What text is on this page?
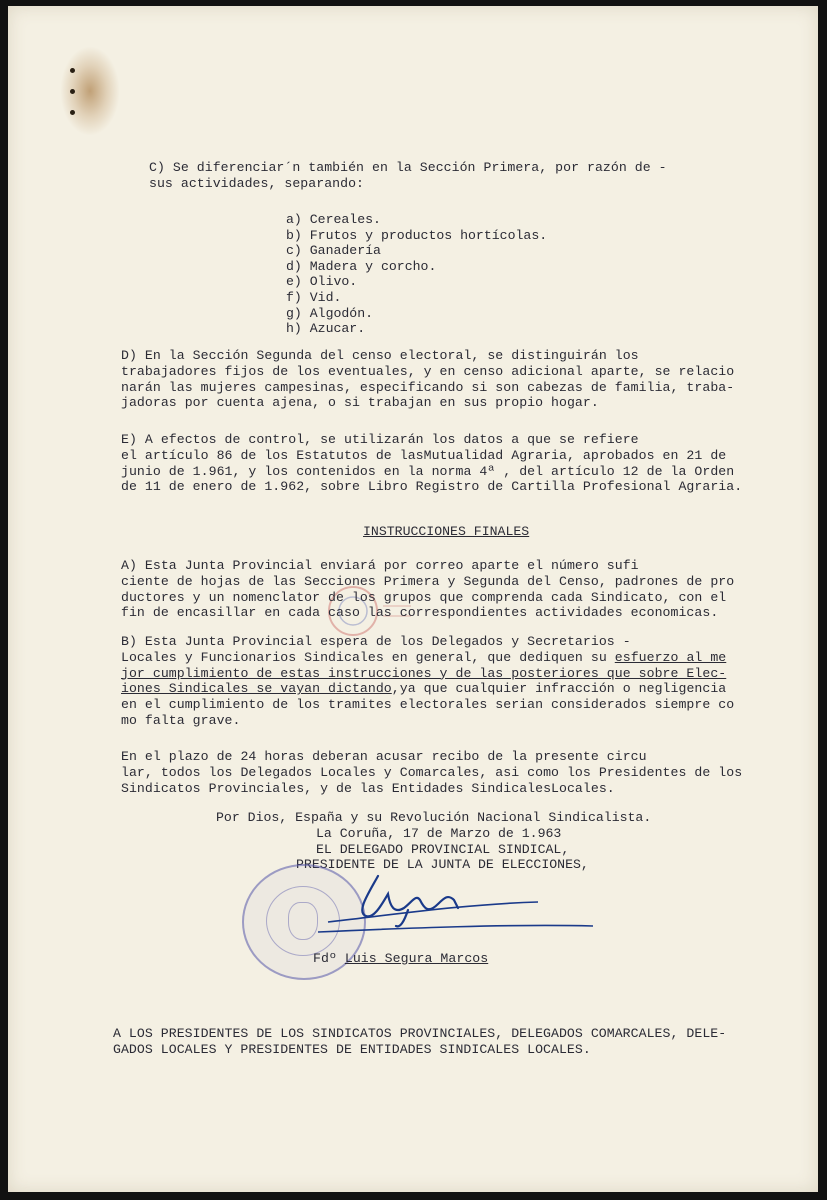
C) Se diferenciar´n también en la Sección Primera, por razón de -
sus actividades, separando:
a) Cereales.
b) Frutos y productos hortícolas.
c) Ganadería
d) Madera y corcho.
e) Olivo.
f) Vid.
g) Algodón.
h) Azucar.
D) En la Sección Segunda del censo electoral, se distinguirán los
trabajadores fijos de los eventuales, y en censo adicional aparte, se relacio
narán las mujeres campesinas, especificando si son cabezas de familia, traba-
jadoras por cuenta ajena, o si trabajan en sus propio hogar.
E) A efectos de control, se utilizarán los datos a que se refiere
el artículo 86 de los Estatutos de lasMutualidad Agraria, aprobados en 21 de
junio de 1.961, y los contenidos en la norma 4ª , del artículo 12 de la Orden
de 11 de enero de 1.962, sobre Libro Registro de Cartilla Profesional Agraria.
INSTRUCCIONES FINALES
A) Esta Junta Provincial enviará por correo aparte el número sufi
ciente de hojas de las Secciones Primera y Segunda del Censo, padrones de pro
ductores y un nomenclator de los grupos que comprenda cada Sindicato, con el
fin de encasillar en cada caso las correspondientes actividades economicas.
B) Esta Junta Provincial espera de los Delegados y Secretarios -
Locales y Funcionarios Sindicales en general, que dediquen su esfuerzo al me
jor cumplimiento de estas instrucciones y de las posteriores que sobre Elec-
iones Sindicales se vayan dictando,ya que cualquier infracción o negligencia
en el cumplimiento de los tramites electorales serian considerados siempre co
mo falta grave.
En el plazo de 24 horas deberan acusar recibo de la presente circu
lar, todos los Delegados Locales y Comarcales, asi como los Presidentes de los
Sindicatos Provinciales, y de las Entidades SindicalesLocales.
Por Dios, España y su Revolución Nacional Sindicalista.
La Coruña, 17 de Marzo de 1.963
EL DELEGADO PROVINCIAL SINDICAL,
PRESIDENTE DE LA JUNTA DE ELECCIONES,
Fdº Luis Segura Marcos
A LOS PRESIDENTES DE LOS SINDICATOS PROVINCIALES, DELEGADOS COMARCALES, DELE-
GADOS LOCALES Y PRESIDENTES DE ENTIDADES SINDICALES LOCALES.
